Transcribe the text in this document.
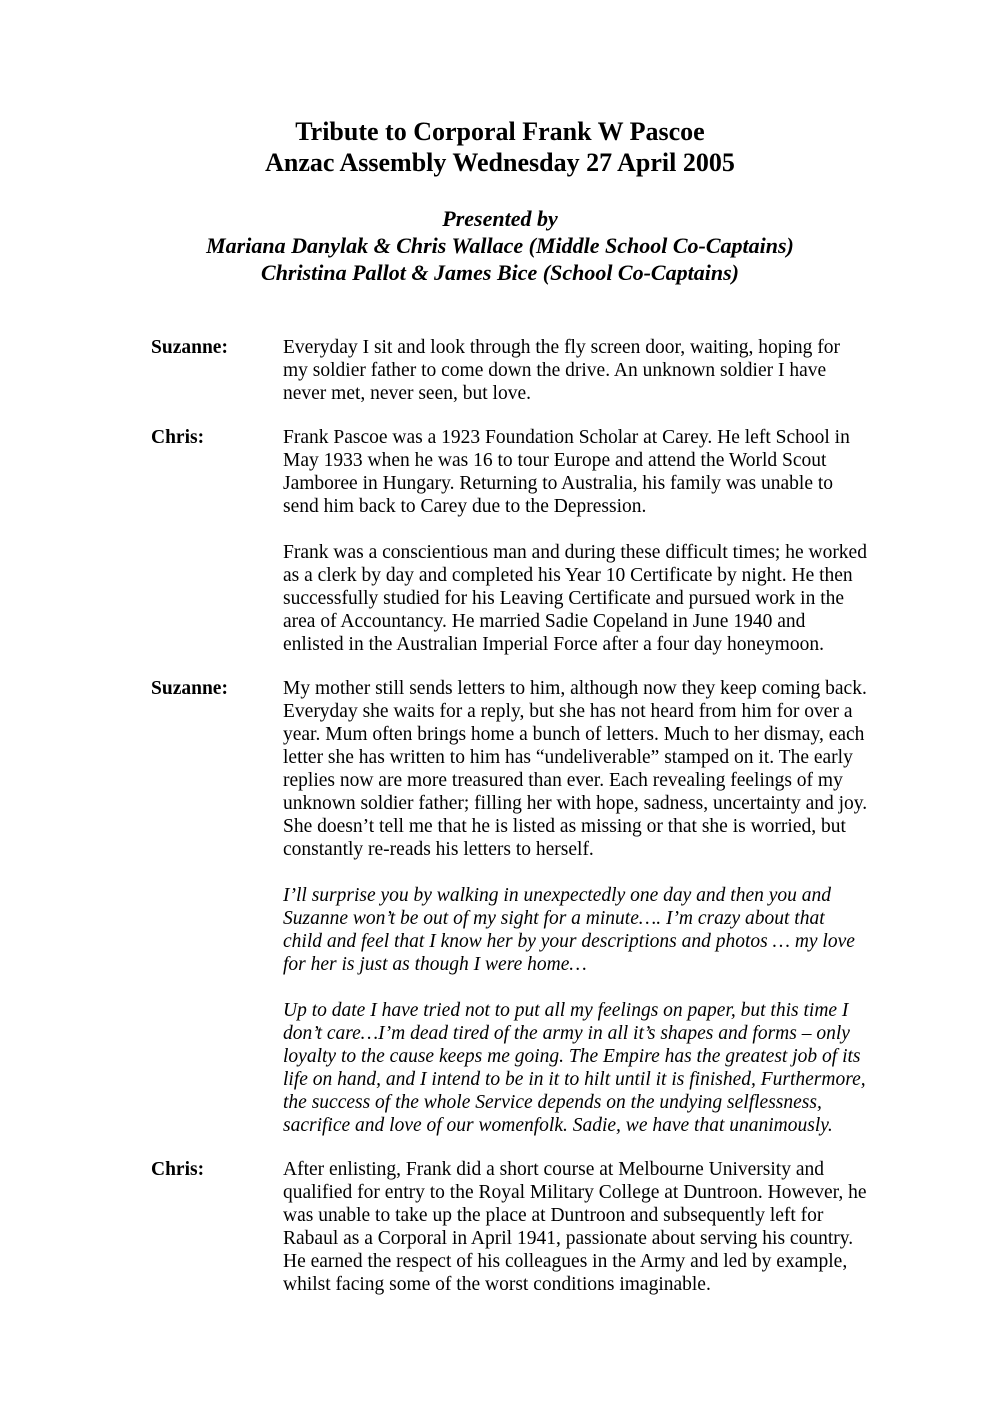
Tribute to Corporal Frank W Pascoe
Anzac Assembly Wednesday 27 April 2005
Presented by
Mariana Danylak & Chris Wallace (Middle School Co-Captains)
Christina Pallot & James Bice (School Co-Captains)
Suzanne:	Everyday I sit and look through the fly screen door, waiting, hoping for
my soldier father to come down the drive. An unknown soldier I have
never met, never seen, but love.
Chris:	Frank Pascoe was a 1923 Foundation Scholar at Carey. He left School in
May 1933 when he was 16 to tour Europe and attend the World Scout
Jamboree in Hungary. Returning to Australia, his family was unable to
send him back to Carey due to the Depression.
Frank was a conscientious man and during these difficult times; he worked
as a clerk by day and completed his Year 10 Certificate by night. He then
successfully studied for his Leaving Certificate and pursued work in the
area of Accountancy. He married Sadie Copeland in June 1940 and
enlisted in the Australian Imperial Force after a four day honeymoon.
Suzanne:	My mother still sends letters to him, although now they keep coming back.
Everyday she waits for a reply, but she has not heard from him for over a
year. Mum often brings home a bunch of letters. Much to her dismay, each
letter she has written to him has “undeliverable” stamped on it. The early
replies now are more treasured than ever. Each revealing feelings of my
unknown soldier father; filling her with hope, sadness, uncertainty and joy.
She doesn’t tell me that he is listed as missing or that she is worried, but
constantly re-reads his letters to herself.
I’ll surprise you by walking in unexpectedly one day and then you and
Suzanne won’t be out of my sight for a minute…. I’m crazy about that
child and feel that I know her by your descriptions and photos … my love
for her is just as though I were home…
Up to date I have tried not to put all my feelings on paper, but this time I
don’t care…I’m dead tired of the army in all it’s shapes and forms – only
loyalty to the cause keeps me going. The Empire has the greatest job of its
life on hand, and I intend to be in it to hilt until it is finished, Furthermore,
the success of the whole Service depends on the undying selflessness,
sacrifice and love of our womenfolk. Sadie, we have that unanimously.
Chris:	After enlisting, Frank did a short course at Melbourne University and
qualified for entry to the Royal Military College at Duntroon. However, he
was unable to take up the place at Duntroon and subsequently left for
Rabaul as a Corporal in April 1941, passionate about serving his country.
He earned the respect of his colleagues in the Army and led by example,
whilst facing some of the worst conditions imaginable.
